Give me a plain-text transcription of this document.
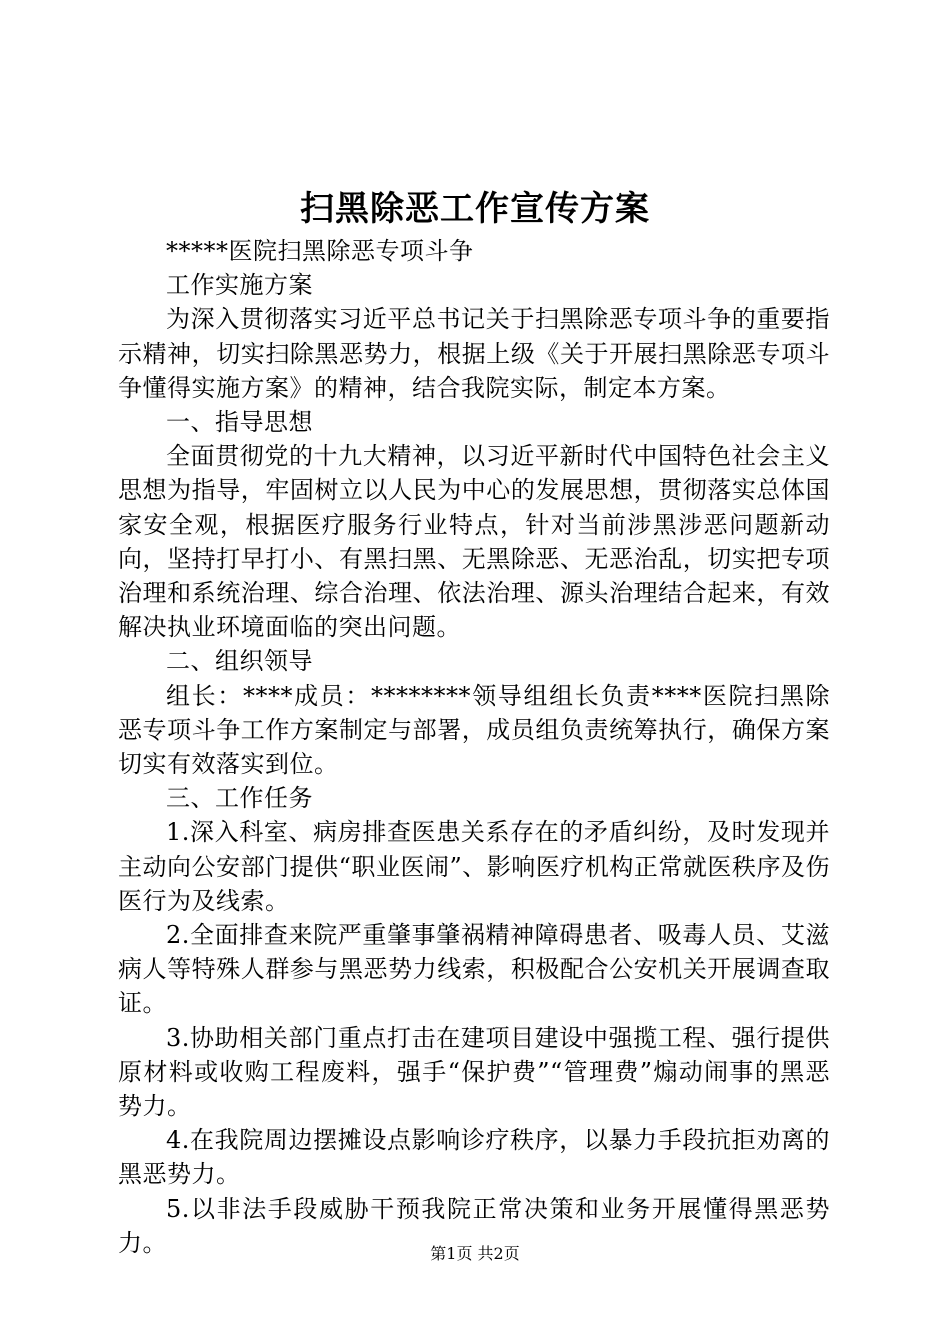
扫黑除恶工作宣传方案

*****医院扫黑除恶专项斗争

工作实施方案

为深入贯彻落实习近平总书记关于扫黑除恶专项斗争的重要指示精神，切实扫除黑恶势力，根据上级《关于开展扫黑除恶专项斗争懂得实施方案》的精神，结合我院实际，制定本方案。

一、指导思想

全面贯彻党的十九大精神，以习近平新时代中国特色社会主义思想为指导，牢固树立以人民为中心的发展思想，贯彻落实总体国家安全观，根据医疗服务行业特点，针对当前涉黑涉恶问题新动向，坚持打早打小、有黑扫黑、无黑除恶、无恶治乱，切实把专项治理和系统治理、综合治理、依法治理、源头治理结合起来，有效解决执业环境面临的突出问题。

二、组织领导

组长：****成员：********领导组组长负责****医院扫黑除恶专项斗争工作方案制定与部署，成员组负责统筹执行，确保方案切实有效落实到位。

三、工作任务

1.深入科室、病房排查医患关系存在的矛盾纠纷，及时发现并主动向公安部门提供“职业医闹”、影响医疗机构正常就医秩序及伤医行为及线索。

2.全面排查来院严重肇事肇祸精神障碍患者、吸毒人员、艾滋病人等特殊人群参与黑恶势力线索，积极配合公安机关开展调查取证。

3.协助相关部门重点打击在建项目建设中强揽工程、强行提供原材料或收购工程废料，强手“保护费”“管理费”煽动闹事的黑恶势力。

4.在我院周边摆摊设点影响诊疗秩序，以暴力手段抗拒劝离的黑恶势力。

5.以非法手段威胁干预我院正常决策和业务开展懂得黑恶势力。	第1页 共2页
